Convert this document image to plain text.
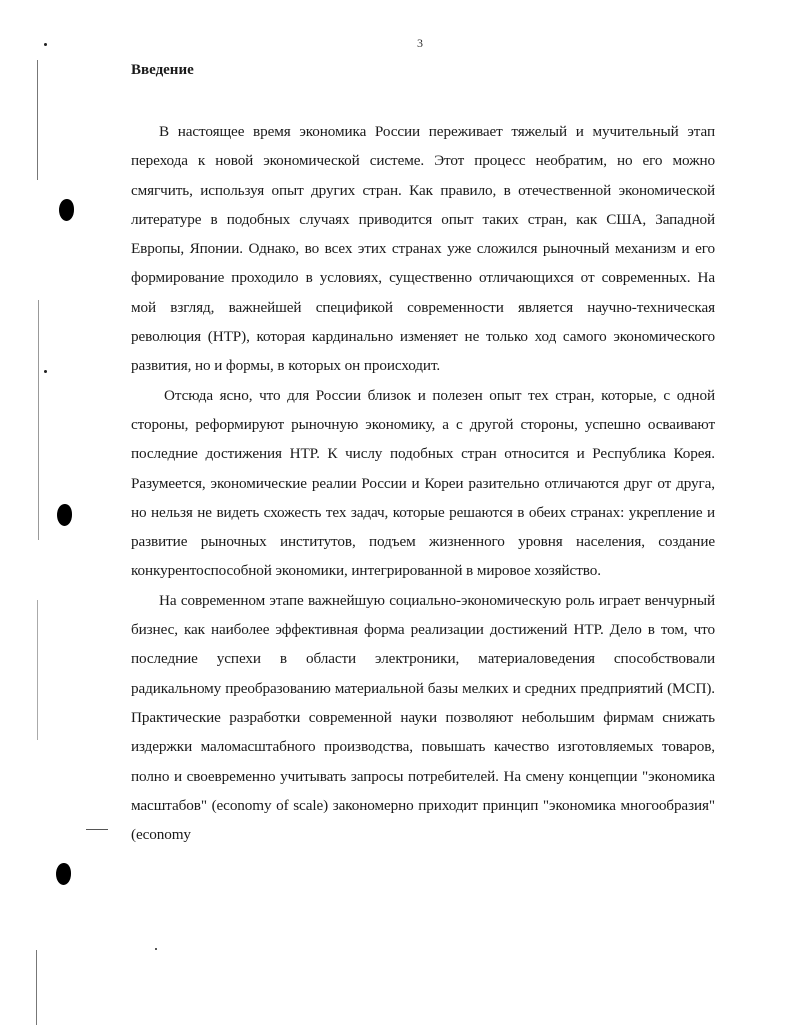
3
Введение

В настоящее время экономика России переживает тяжелый и мучительный этап перехода к новой экономической системе. Этот процесс необратим, но его можно смягчить, используя опыт других стран. Как правило, в отечественной экономической литературе в подобных случаях приводится опыт таких стран, как США, Западной Европы, Японии. Однако, во всех этих странах уже сложился рыночный механизм и его формирование проходило в условиях, существенно отличающихся от современных. На мой взгляд, важнейшей спецификой современности является научно-техническая революция (НТР), которая кардинально изменяет не только ход самого экономического развития, но и формы, в которых он происходит.

Отсюда ясно, что для России близок и полезен опыт тех стран, которые, с одной стороны, реформируют рыночную экономику, а с другой стороны, успешно осваивают последние достижения НТР. К числу подобных стран относится и Республика Корея. Разумеется, экономические реалии России и Кореи разительно отличаются друг от друга, но нельзя не видеть схожесть тех задач, которые решаются в обеих странах: укрепление и развитие рыночных институтов, подъем жизненного уровня населения, создание конкурентоспособной экономики, интегрированной в мировое хозяйство.

На современном этапе важнейшую социально-экономическую роль играет венчурный бизнес, как наиболее эффективная форма реализации достижений НТР. Дело в том, что последние успехи в области электроники, материаловедения способствовали радикальному преобразованию материальной базы мелких и средних предприятий (МСП). Практические разработки современной науки позволяют небольшим фирмам снижать издержки маломасштабного производства, повышать качество изготовляемых товаров, полно и своевременно учитывать запросы потребителей. На смену концепции "экономика масштабов" (economy of scale) закономерно приходит принцип "экономика многообразия" (economy
